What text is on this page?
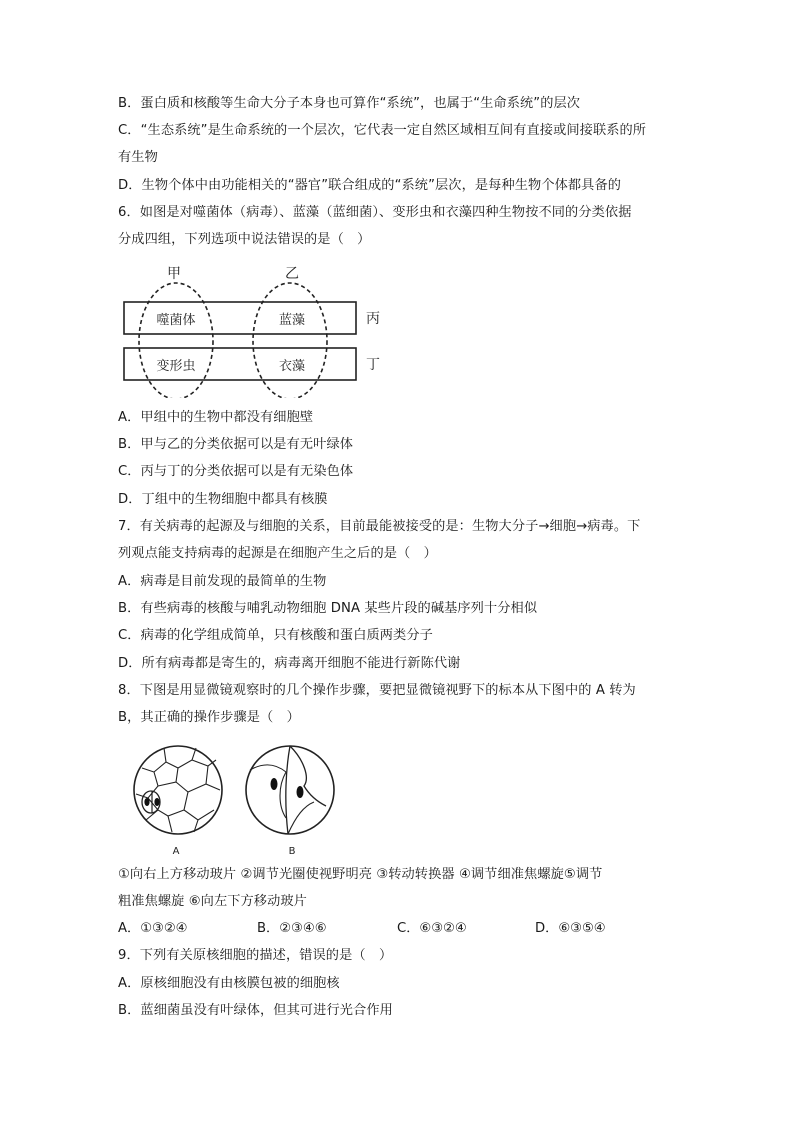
B．蛋白质和核酸等生命大分子本身也可算作“系统”，也属于“生命系统”的层次
C．“生态系统”是生命系统的一个层次，它代表一定自然区域相互间有直接或间接联系的所
有生物
D．生物个体中由功能相关的“器官”联合组成的“系统”层次，是每种生物个体都具备的
6．如图是对噬菌体（病毒）、蓝藻（蓝细菌）、变形虫和衣藻四种生物按不同的分类依据
分成四组，下列选项中说法错误的是（　）
甲	乙
丙
丁
噬菌体	蓝藻
变形虫	衣藻
A．甲组中的生物中都没有细胞壁
B．甲与乙的分类依据可以是有无叶绿体
C．丙与丁的分类依据可以是有无染色体
D．丁组中的生物细胞中都具有核膜
7．有关病毒的起源及与细胞的关系，目前最能被接受的是：生物大分子→细胞→病毒。下
列观点能支持病毒的起源是在细胞产生之后的是（　）
A．病毒是目前发现的最简单的生物
B．有些病毒的核酸与哺乳动物细胞 DNA 某些片段的碱基序列十分相似
C．病毒的化学组成简单，只有核酸和蛋白质两类分子
D．所有病毒都是寄生的，病毒离开细胞不能进行新陈代谢
8．下图是用显微镜观察时的几个操作步骤，要把显微镜视野下的标本从下图中的 A 转为
B，其正确的操作步骤是（　）
A	B
①向右上方移动玻片 ②调节光圈使视野明亮 ③转动转换器 ④调节细准焦螺旋⑤调节
粗准焦螺旋 ⑥向左下方移动玻片
A．①③②④	B．②③④⑥	C．⑥③②④	D．⑥③⑤④
9．下列有关原核细胞的描述，错误的是（　）
A．原核细胞没有由核膜包被的细胞核
B．蓝细菌虽没有叶绿体，但其可进行光合作用
